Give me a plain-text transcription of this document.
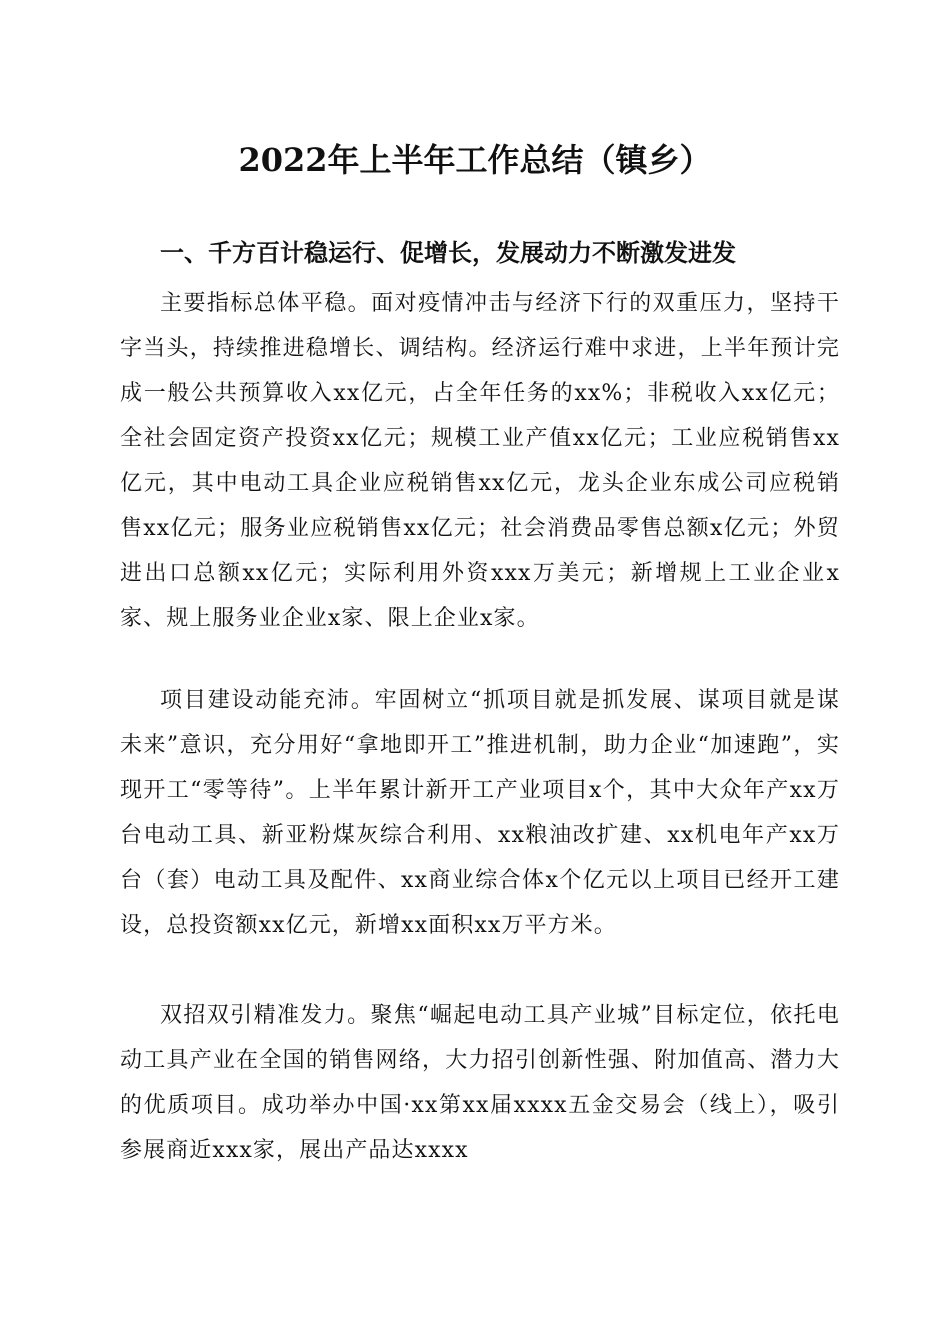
2022年上半年工作总结（镇乡）
一、千方百计稳运行、促增长，发展动力不断激发进发

主要指标总体平稳。面对疫情冲击与经济下行的双重压力，坚持干字当头，持续推进稳增长、调结构。经济运行难中求进，上半年预计完成一般公共预算收入xx亿元，占全年任务的xx%；非税收入xx亿元；全社会固定资产投资xx亿元；规模工业产值xx亿元；工业应税销售xx亿元，其中电动工具企业应税销售xx亿元，龙头企业东成公司应税销售xx亿元；服务业应税销售xx亿元；社会消费品零售总额x亿元；外贸进出口总额xx亿元；实际利用外资xxx万美元；新增规上工业企业x家、规上服务业企业x家、限上企业x家。

项目建设动能充沛。牢固树立“抓项目就是抓发展、谋项目就是谋未来”意识，充分用好“拿地即开工”推进机制，助力企业“加速跑”，实现开工“零等待”。上半年累计新开工产业项目x个，其中大众年产xx万台电动工具、新亚粉煤灰综合利用、xx粮油改扩建、xx机电年产xx万台（套）电动工具及配件、xx商业综合体x个亿元以上项目已经开工建设，总投资额xx亿元，新增xx面积xx万平方米。

双招双引精准发力。聚焦“崛起电动工具产业城”目标定位，依托电动工具产业在全国的销售网络，大力招引创新性强、附加值高、潜力大的优质项目。成功举办中国·xx第xx届xxxx五金交易会（线上），吸引参展商近xxx家，展出产品达xxxx
